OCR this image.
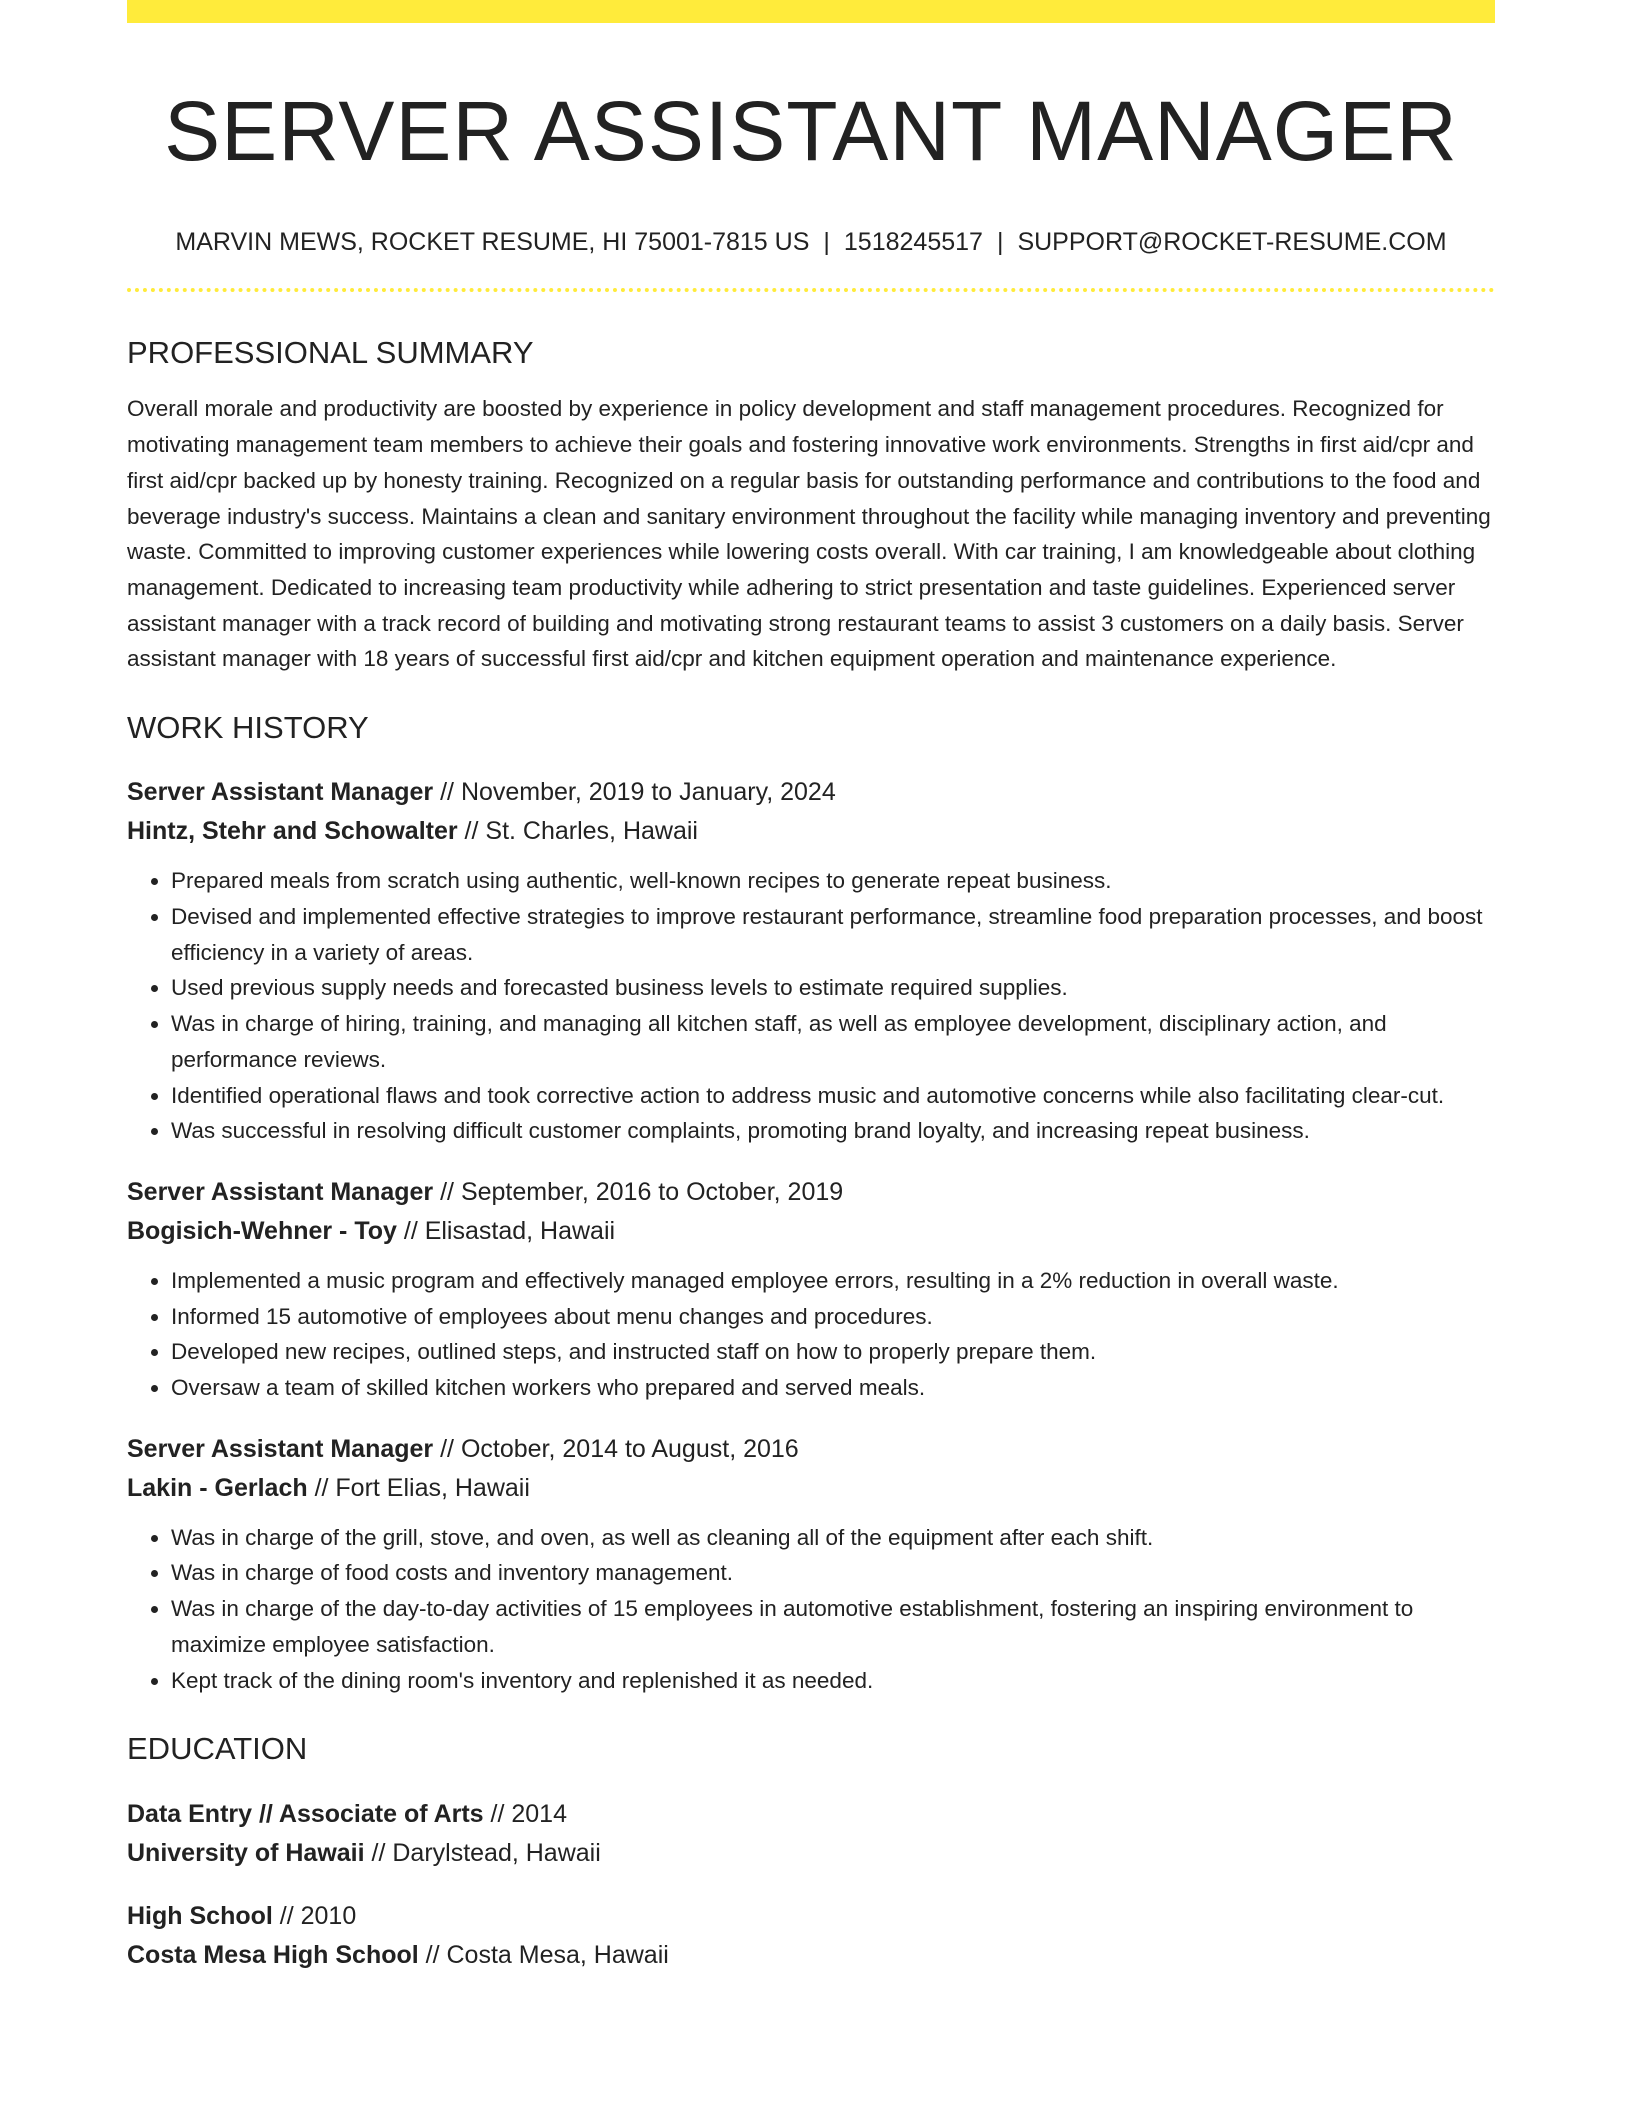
SERVER ASSISTANT MANAGER
MARVIN MEWS, ROCKET RESUME, HI 75001-7815 US | 1518245517 | SUPPORT@ROCKET-RESUME.COM
PROFESSIONAL SUMMARY
Overall morale and productivity are boosted by experience in policy development and staff management procedures. Recognized for motivating management team members to achieve their goals and fostering innovative work environments. Strengths in first aid/cpr and first aid/cpr backed up by honesty training. Recognized on a regular basis for outstanding performance and contributions to the food and beverage industry's success. Maintains a clean and sanitary environment throughout the facility while managing inventory and preventing waste. Committed to improving customer experiences while lowering costs overall. With car training, I am knowledgeable about clothing management. Dedicated to increasing team productivity while adhering to strict presentation and taste guidelines. Experienced server assistant manager with a track record of building and motivating strong restaurant teams to assist 3 customers on a daily basis. Server assistant manager with 18 years of successful first aid/cpr and kitchen equipment operation and maintenance experience.
WORK HISTORY
Server Assistant Manager // November, 2019 to January, 2024
Hintz, Stehr and Schowalter // St. Charles, Hawaii
• Prepared meals from scratch using authentic, well-known recipes to generate repeat business.
• Devised and implemented effective strategies to improve restaurant performance, streamline food preparation processes, and boost efficiency in a variety of areas.
• Used previous supply needs and forecasted business levels to estimate required supplies.
• Was in charge of hiring, training, and managing all kitchen staff, as well as employee development, disciplinary action, and performance reviews.
• Identified operational flaws and took corrective action to address music and automotive concerns while also facilitating clear-cut.
• Was successful in resolving difficult customer complaints, promoting brand loyalty, and increasing repeat business.
Server Assistant Manager // September, 2016 to October, 2019
Bogisich-Wehner - Toy // Elisastad, Hawaii
• Implemented a music program and effectively managed employee errors, resulting in a 2% reduction in overall waste.
• Informed 15 automotive of employees about menu changes and procedures.
• Developed new recipes, outlined steps, and instructed staff on how to properly prepare them.
• Oversaw a team of skilled kitchen workers who prepared and served meals.
Server Assistant Manager // October, 2014 to August, 2016
Lakin - Gerlach // Fort Elias, Hawaii
• Was in charge of the grill, stove, and oven, as well as cleaning all of the equipment after each shift.
• Was in charge of food costs and inventory management.
• Was in charge of the day-to-day activities of 15 employees in automotive establishment, fostering an inspiring environment to maximize employee satisfaction.
• Kept track of the dining room's inventory and replenished it as needed.
EDUCATION
Data Entry // Associate of Arts // 2014
University of Hawaii // Darylstead, Hawaii
High School // 2010
Costa Mesa High School // Costa Mesa, Hawaii
